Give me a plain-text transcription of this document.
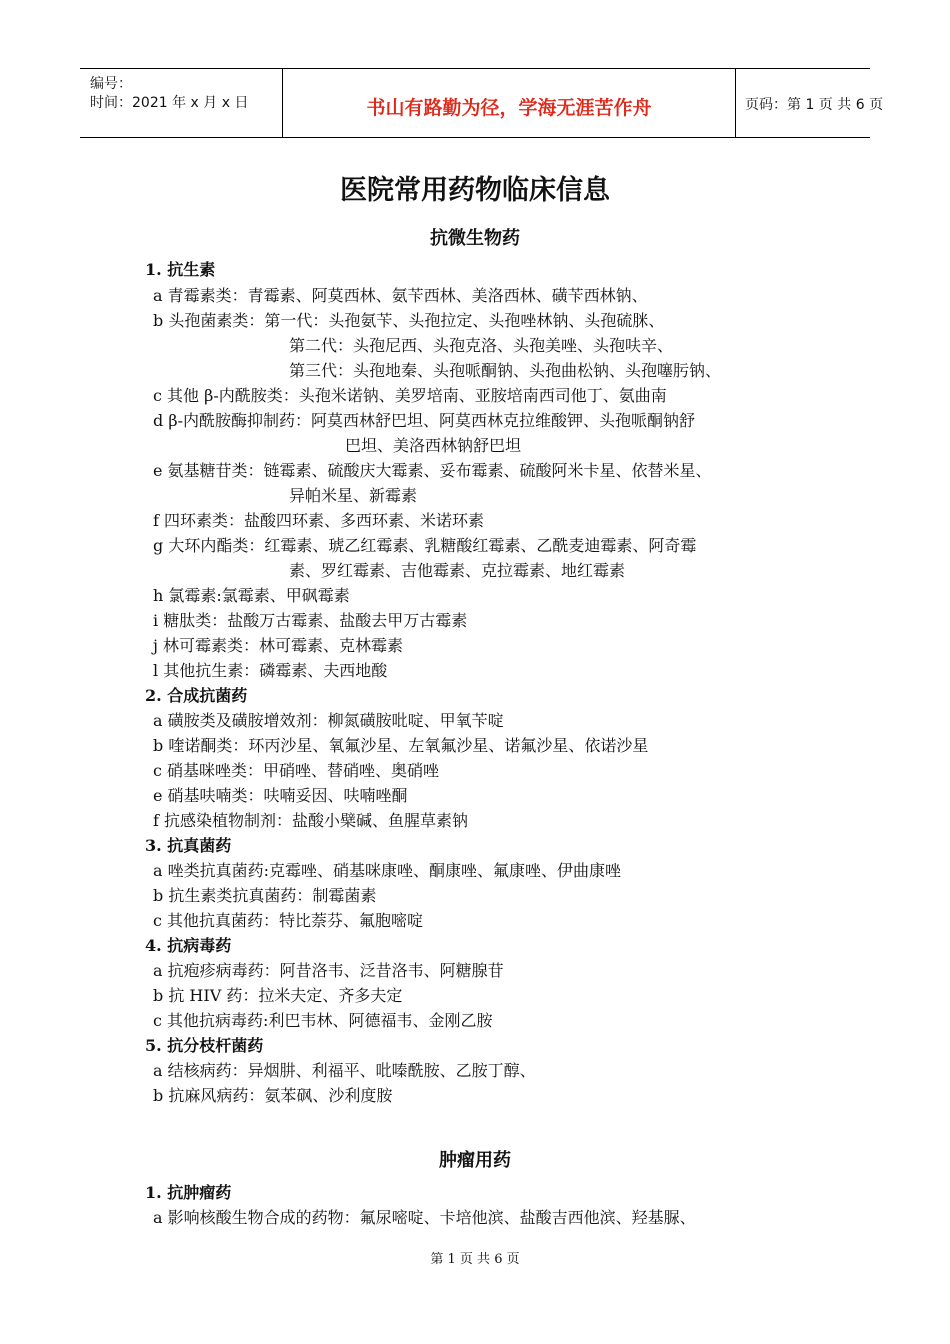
编号：
时间：2021 年 x 月 x 日	书山有路勤为径，学海无涯苦作舟	页码：第 1 页 共 6 页
医院常用药物临床信息
抗微生物药
1. 抗生素
a 青霉素类：青霉素、阿莫西林、氨苄西林、美洛西林、磺苄西林钠、
b 头孢菌素类：第一代：头孢氨苄、头孢拉定、头孢唑林钠、头孢硫脒、
第二代：头孢尼西、头孢克洛、头孢美唑、头孢呋辛、
第三代：头孢地秦、头孢哌酮钠、头孢曲松钠、头孢噻肟钠、
c 其他 β-内酰胺类：头孢米诺钠、美罗培南、亚胺培南西司他丁、氨曲南
d β-内酰胺酶抑制药：阿莫西林舒巴坦、阿莫西林克拉维酸钾、头孢哌酮钠舒
巴坦、美洛西林钠舒巴坦
e 氨基糖苷类：链霉素、硫酸庆大霉素、妥布霉素、硫酸阿米卡星、依替米星、
异帕米星、新霉素
f 四环素类：盐酸四环素、多西环素、米诺环素
g 大环内酯类：红霉素、琥乙红霉素、乳糖酸红霉素、乙酰麦迪霉素、阿奇霉
素、罗红霉素、吉他霉素、克拉霉素、地红霉素
h 氯霉素:氯霉素、甲砜霉素
i 糖肽类：盐酸万古霉素、盐酸去甲万古霉素
j 林可霉素类：林可霉素、克林霉素
l 其他抗生素：磷霉素、夫西地酸
2. 合成抗菌药
a 磺胺类及磺胺增效剂：柳氮磺胺吡啶、甲氧苄啶
b 喹诺酮类：环丙沙星、氧氟沙星、左氧氟沙星、诺氟沙星、依诺沙星
c 硝基咪唑类：甲硝唑、替硝唑、奥硝唑
e 硝基呋喃类：呋喃妥因、呋喃唑酮
f 抗感染植物制剂：盐酸小檗碱、鱼腥草素钠
3. 抗真菌药
a 唑类抗真菌药:克霉唑、硝基咪康唑、酮康唑、氟康唑、伊曲康唑
b 抗生素类抗真菌药：制霉菌素
c 其他抗真菌药：特比萘芬、氟胞嘧啶
4. 抗病毒药
a 抗疱疹病毒药：阿昔洛韦、泛昔洛韦、阿糖腺苷
b 抗 HIV 药：拉米夫定、齐多夫定
c 其他抗病毒药:利巴韦林、阿德福韦、金刚乙胺
5. 抗分枝杆菌药
a 结核病药：异烟肼、利福平、吡嗪酰胺、乙胺丁醇、
b 抗麻风病药：氨苯砜、沙利度胺
肿瘤用药
1. 抗肿瘤药
a 影响核酸生物合成的药物：氟尿嘧啶、卡培他滨、盐酸吉西他滨、羟基脲、
第 1 页 共 6 页
